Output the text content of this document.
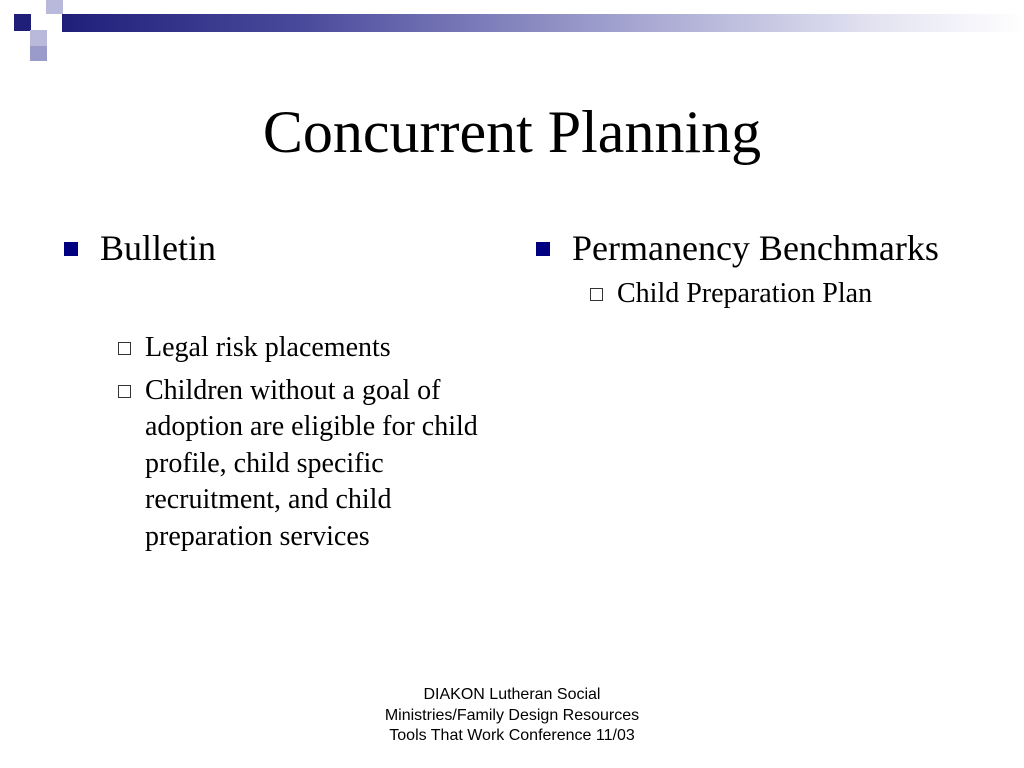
Concurrent Planning
Bulletin
Legal risk placements
Children without a goal of adoption are eligible for child profile, child specific recruitment, and child preparation services
Permanency Benchmarks
Child Preparation Plan
DIAKON Lutheran Social
Ministries/Family Design Resources
Tools That Work Conference 11/03
